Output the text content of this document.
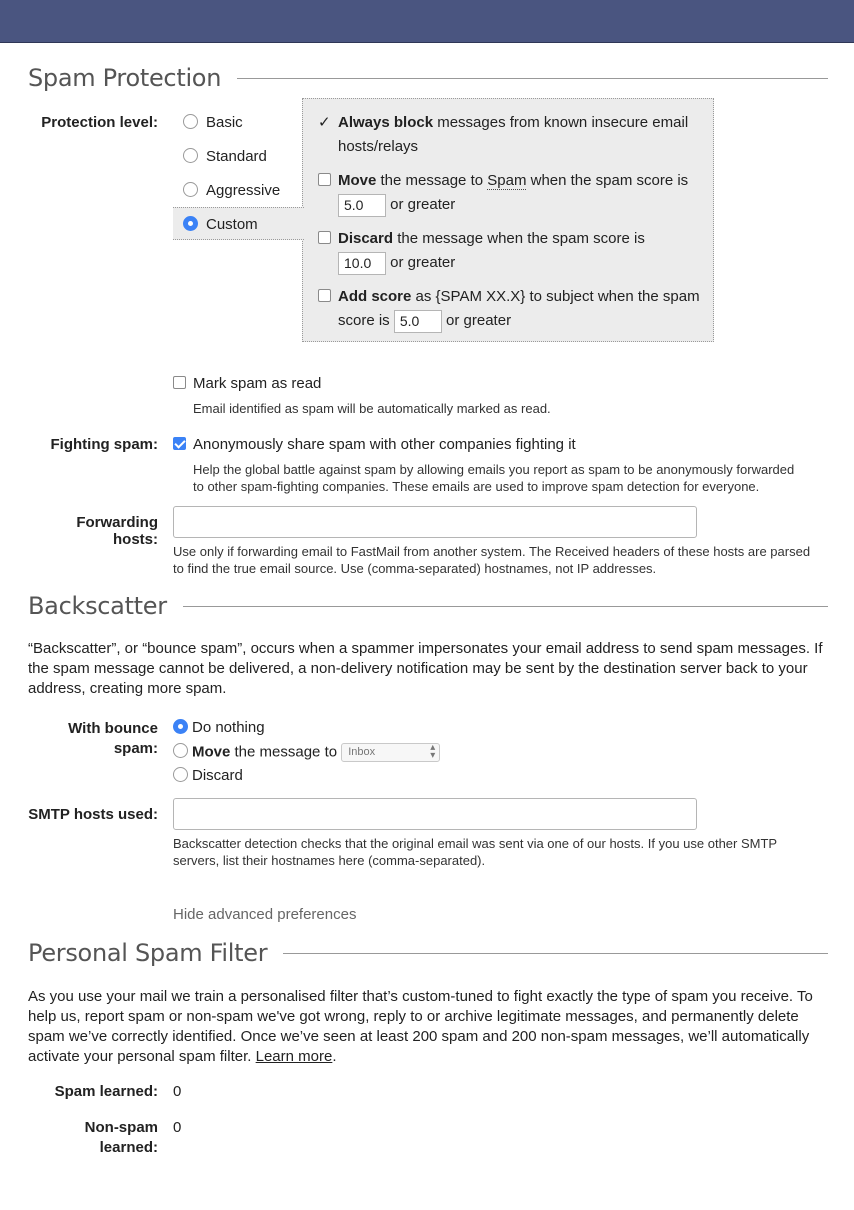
Spam Protection
Protection level:	Basic
Standard
Aggressive
Custom
✓ Always block messages from known insecure email
hosts/relays
Move the message to Spam when the spam score is
5.0 or greater
Discard the message when the spam score is
10.0 or greater
Add score as {SPAM XX.X} to subject when the spam
score is 5.0 or greater
Mark spam as read
Email identified as spam will be automatically marked as read.
Fighting spam:	Anonymously share spam with other companies fighting it
Help the global battle against spam by allowing emails you report as spam to be anonymously forwarded
to other spam-fighting companies. These emails are used to improve spam detection for everyone.
Forwarding hosts:
Use only if forwarding email to FastMail from another system. The Received headers of these hosts are parsed
to find the true email source. Use (comma-separated) hostnames, not IP addresses.
Backscatter
“Backscatter”, or “bounce spam”, occurs when a spammer impersonates your email address to send spam messages. If the spam message cannot be delivered, a non-delivery notification may be sent by the destination server back to your address, creating more spam.
With bounce
spam:
Do nothing
Move the message to Inbox	▴
▾
Discard
SMTP hosts used:
Backscatter detection checks that the original email was sent via one of our hosts. If you use other SMTP
servers, list their hostnames here (comma-separated).
Hide advanced preferences
Personal Spam Filter
As you use your mail we train a personalised filter that’s custom-tuned to fight exactly the type of spam you receive. To help us, report spam or non-spam we've got wrong, reply to or archive legitimate messages, and permanently delete spam we’ve correctly identified. Once we’ve seen at least 200 spam and 200 non-spam messages, we’ll automatically activate your personal spam filter. Learn more.
Spam learned: 0
Non-spam
learned:
0
